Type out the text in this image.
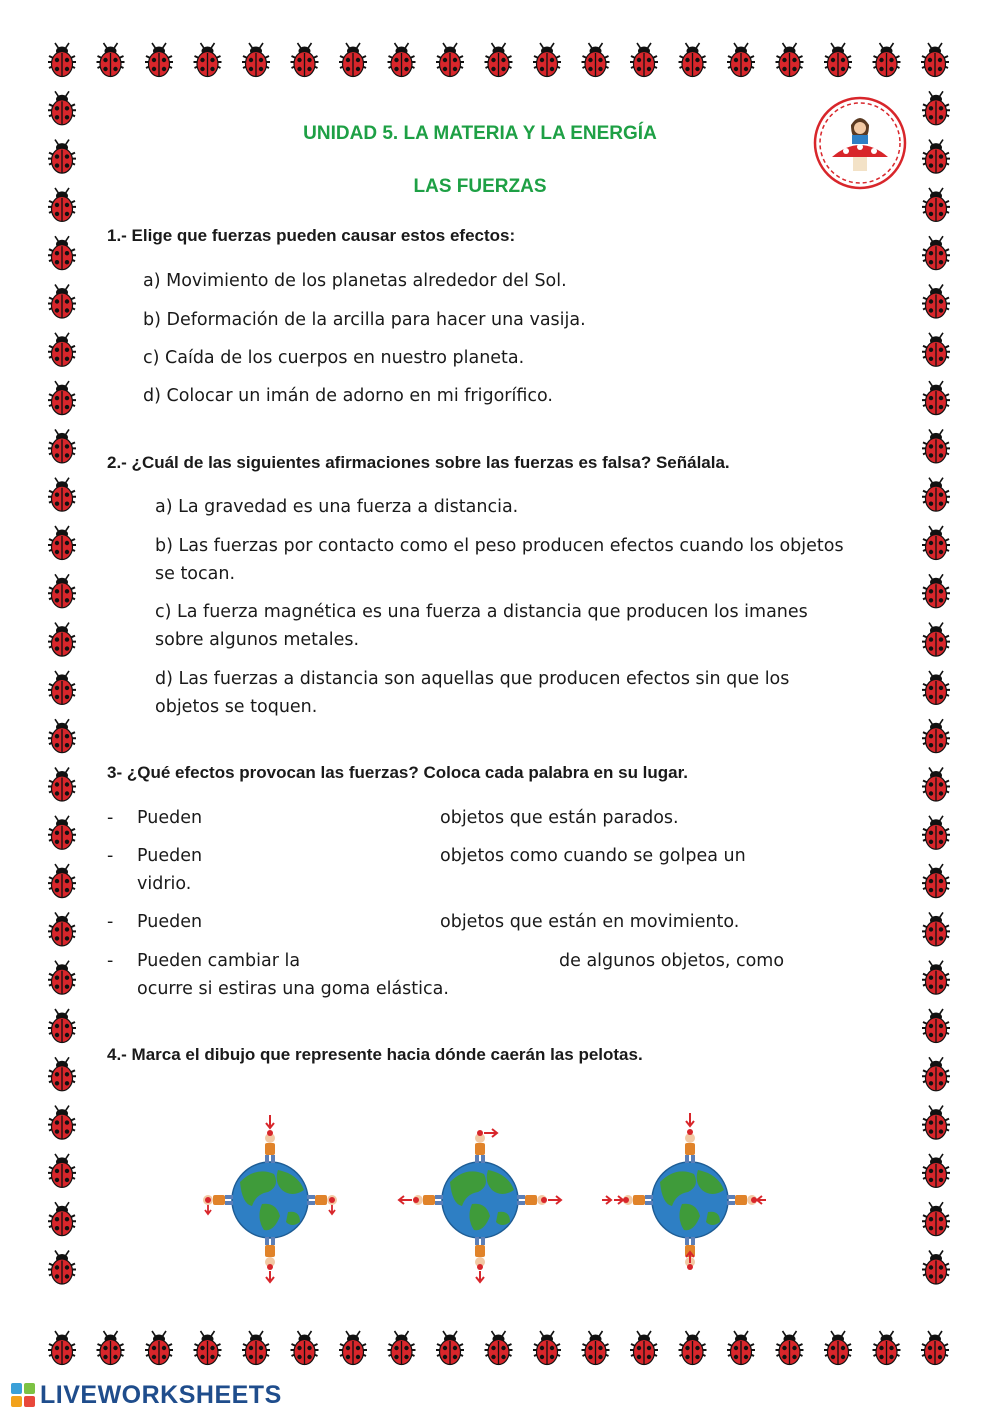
UNIDAD 5. LA MATERIA Y LA ENERGÍA
LAS FUERZAS

1.- Elige que fuerzas pueden causar estos efectos:

a) Movimiento de los planetas alrededor del Sol.

b) Deformación de la arcilla para hacer una vasija.

c) Caída de los cuerpos en nuestro planeta.

d) Colocar un imán de adorno en mi frigorífico.

2.- ¿Cuál de las siguientes afirmaciones sobre las fuerzas es falsa? Señálala.

a) La gravedad es una fuerza a distancia.

b) Las fuerzas por contacto como el peso producen efectos cuando los objetos se tocan.

c) La fuerza magnética es una fuerza a distancia que producen los imanes sobre algunos metales.

d) Las fuerzas a distancia son aquellas que producen efectos sin que los objetos se toquen.

3- ¿Qué efectos provocan las fuerzas? Coloca cada palabra en su lugar.

- Pueden	objetos que están parados.
- Pueden	objetos como cuando se golpea un
vidrio.
- Pueden	objetos que están en movimiento.
- Pueden cambiar la	de algunos objetos, como
ocurre si estiras una goma elástica.

4.- Marca el dibujo que represente hacia dónde caerán las pelotas.

LIVEWORKSHEETS
